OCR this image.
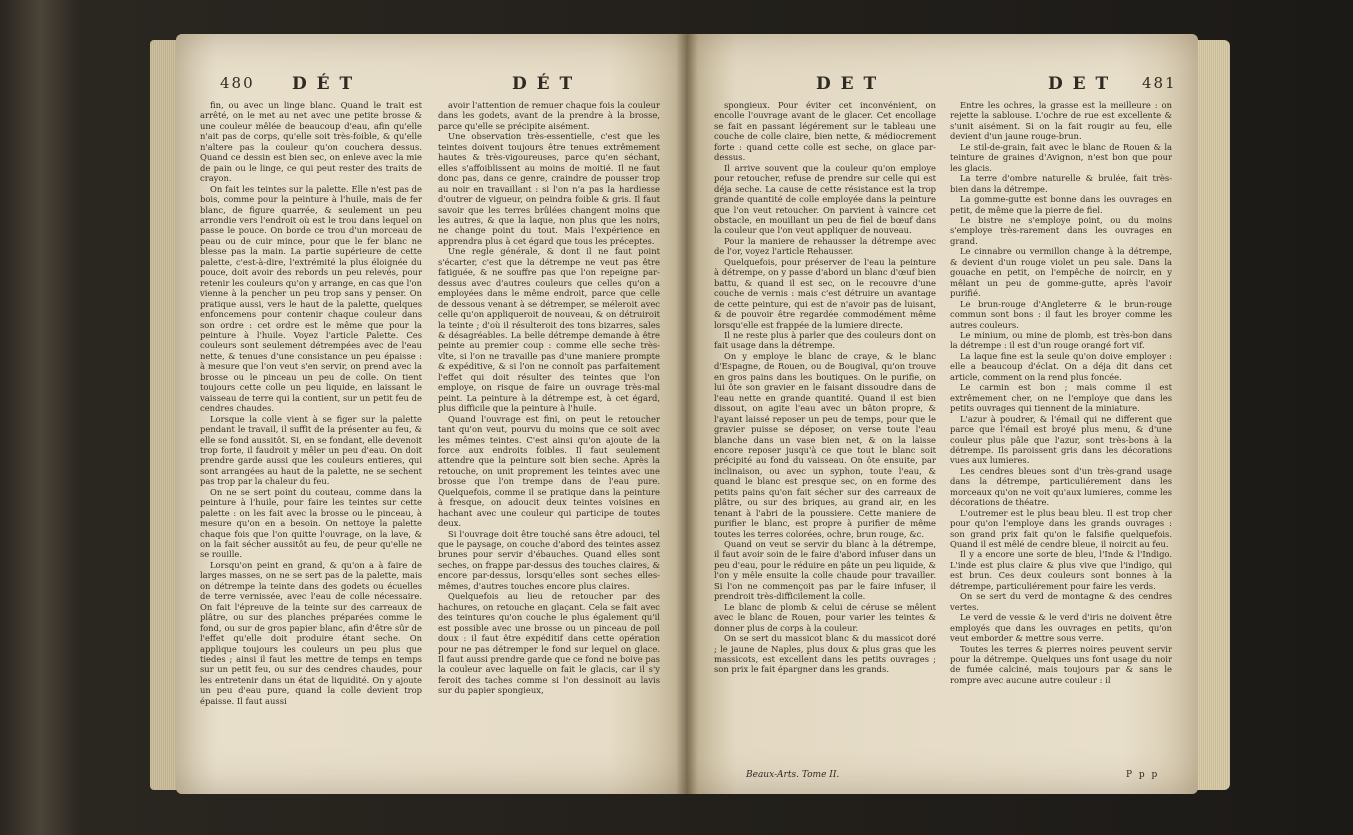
480 D É T	D É T

fin, ou avec un linge blanc. Quand le trait est arrêté, on le met au net avec une petite brosse & une couleur mêlée de beaucoup d'eau, afin qu'elle n'ait pas de corps, qu'elle soit très-foible, & qu'elle n'altere pas la couleur qu'on couchera dessus. Quand ce dessin est bien sec, on enleve avec la mie de pain ou le linge, ce qui peut rester des traits de crayon.

On fait les teintes sur la palette. Elle n'est pas de bois, comme pour la peinture à l'huile, mais de fer blanc, de figure quarrée, & seulement un peu arrondie vers l'endroit où est le trou dans lequel on passe le pouce. On borde ce trou d'un morceau de peau ou de cuir mince, pour que le fer blanc ne blesse pas la main. La partie supérieure de cette palette, c'est-à-dire, l'extrémité la plus éloignée du pouce, doit avoir des rebords un peu relevés, pour retenir les couleurs qu'on y arrange, en cas que l'on vienne à la pencher un peu trop sans y penser. On pratique aussi, vers le haut de la palette, quelques enfoncemens pour contenir chaque couleur dans son ordre : cet ordre est le même que pour la peinture à l'huile. Voyez l'article Palette. Ces couleurs sont seulement détrempées avec de l'eau nette, & tenues d'une consistance un peu épaisse : à mesure que l'on veut s'en servir, on prend avec la brosse ou le pinceau un peu de colle. On tient toujours cette colle un peu liquide, en laissant le vaisseau de terre qui la contient, sur un petit feu de cendres chaudes.

Lorsque la colle vient à se figer sur la palette pendant le travail, il suffit de la présenter au feu, & elle se fond aussitôt. Si, en se fondant, elle devenoit trop forte, il faudroit y mêler un peu d'eau. On doit prendre garde aussi que les couleurs entieres, qui sont arrangées au haut de la palette, ne se sechent pas trop par la chaleur du feu.

On ne se sert point du couteau, comme dans la peinture à l'huile, pour faire les teintes sur cette palette : on les fait avec la brosse ou le pinceau, à mesure qu'on en a besoin. On nettoye la palette chaque fois que l'on quitte l'ouvrage, on la lave, & on la fait sécher aussitôt au feu, de peur qu'elle ne se rouille.

Lorsqu'on peint en grand, & qu'on a à faire de larges masses, on ne se sert pas de la palette, mais on détrempe la teinte dans des godets ou écuelles de terre vernissée, avec l'eau de colle nécessaire. On fait l'épreuve de la teinte sur des carreaux de plâtre, ou sur des planches préparées comme le fond, ou sur de gros papier blanc, afin d'être sûr de l'effet qu'elle doit produire étant seche. On applique toujours les couleurs un peu plus que tiedes ; ainsi il faut les mettre de temps en temps sur un petit feu, ou sur des cendres chaudes, pour les entretenir dans un état de liquidité. On y ajoute un peu d'eau pure, quand la colle devient trop épaisse. Il faut aussi

avoir l'attention de remuer chaque fois la couleur dans les godets, avant de la prendre à la brosse, parce qu'elle se précipite aisément.

Une observation très-essentielle, c'est que les teintes doivent toujours être tenues extrêmement hautes & très-vigoureuses, parce qu'en séchant, elles s'affoiblissent au moins de moitié. Il ne faut donc pas, dans ce genre, craindre de pousser trop au noir en travaillant : si l'on n'a pas la hardiesse d'outrer de vigueur, on peindra foible & gris. Il faut savoir que les terres brûlées changent moins que les autres, & que la laque, non plus que les noirs, ne change point du tout. Mais l'expérience en apprendra plus à cet égard que tous les préceptes.

Une regle générale, & dont il ne faut point s'écarter, c'est que la détrempe ne veut pas être fatiguée, & ne souffre pas que l'on repeigne par-dessus avec d'autres couleurs que celles qu'on a employées dans le même endroit, parce que celle de dessous venant à se détremper, se méleroit avec celle qu'on appliqueroit de nouveau, & on détruiroit la teinte ; d'où il résulteroit des tons bizarres, sales & désagréables. La belle détrempe demande à être peinte au premier coup : comme elle seche très-vîte, si l'on ne travaille pas d'une maniere prompte & expéditive, & si l'on ne connoît pas parfaitement l'effet qui doit résulter des teintes que l'on employe, on risque de faire un ouvrage très-mal peint. La peinture à la détrempe est, à cet égard, plus difficile que la peinture à l'huile.

Quand l'ouvrage est fini, on peut le retoucher tant qu'on veut, pourvu du moins que ce soit avec les mêmes teintes. C'est ainsi qu'on ajoute de la force aux endroits foibles. Il faut seulement attendre que la peinture soit bien seche. Après la retouche, on unit proprement les teintes avec une brosse que l'on trempe dans de l'eau pure. Quelquefois, comme il se pratique dans la peinture à fresque, on adoucit deux teintes voisines en hachant avec une couleur qui participe de toutes deux.

Si l'ouvrage doit être touché sans être adouci, tel que le paysage, on couche d'abord des teintes assez brunes pour servir d'ébauches. Quand elles sont seches, on frappe par-dessus des touches claires, & encore par-dessus, lorsqu'elles sont seches elles-mêmes, d'autres touches encore plus claires.

Quelquefois au lieu de retoucher par des hachures, on retouche en glaçant. Cela se fait avec des teintures qu'on couche le plus également qu'il est possible avec une brosse ou un pinceau de poil doux : il faut être expéditif dans cette opération pour ne pas détremper le fond sur lequel on glace. Il faut aussi prendre garde que ce fond ne boive pas la couleur avec laquelle on fait le glacis, car il s'y feroit des taches comme si l'on dessinoit au lavis sur du papier spongieux,

D E T	D E T 481

spongieux. Pour éviter cet inconvénient, on encolle l'ouvrage avant de le glacer. Cet encollage se fait en passant légérement sur le tableau une couche de colle claire, bien nette, & médiocrement forte : quand cette colle est seche, on glace par-dessus.

Il arrive souvent que la couleur qu'on employe pour retoucher, refuse de prendre sur celle qui est déja seche. La cause de cette résistance est la trop grande quantité de colle employée dans la peinture que l'on veut retoucher. On parvient à vaincre cet obstacle, en mouillant un peu de fiel de bœuf dans la couleur que l'on veut appliquer de nouveau.

Pour la maniere de rehausser la détrempe avec de l'or, voyez l'article Rehausser.

Quelquefois, pour préserver de l'eau la peinture à détrempe, on y passe d'abord un blanc d'œuf bien battu, & quand il est sec, on le recouvre d'une couche de vernis : mais c'est détruire un avantage de cette peinture, qui est de n'avoir pas de luisant, & de pouvoir être regardée commodément même lorsqu'elle est frappée de la lumiere directe.

Il ne reste plus à parler que des couleurs dont on fait usage dans la détrempe.

On y employe le blanc de craye, & le blanc d'Espagne, de Rouen, ou de Bougival, qu'on trouve en gros pains dans les boutiques. On le purifie, on lui ôte son gravier en le faisant dissoudre dans de l'eau nette en grande quantité. Quand il est bien dissout, on agite l'eau avec un bâton propre, & l'ayant laissé reposer un peu de temps, pour que le gravier puisse se déposer, on verse toute l'eau blanche dans un vase bien net, & on la laisse encore reposer jusqu'à ce que tout le blanc soit précipité au fond du vaisseau. On ôte ensuite, par inclinaison, ou avec un syphon, toute l'eau, & quand le blanc est presque sec, on en forme des petits pains qu'on fait sécher sur des carreaux de plâtre, ou sur des briques, au grand air, en les tenant à l'abri de la poussiere. Cette maniere de purifier le blanc, est propre à purifier de même toutes les terres colorées, ochre, brun rouge, &c.

Quand on veut se servir du blanc à la détrempe, il faut avoir soin de le faire d'abord infuser dans un peu d'eau, pour le réduire en pâte un peu liquide, & l'on y mêle ensuite la colle chaude pour travailler. Si l'on ne commençoit pas par le faire infuser, il prendroit très-difficilement la colle.

Le blanc de plomb & celui de céruse se mêlent avec le blanc de Rouen, pour varier les teintes & donner plus de corps à la couleur.

On se sert du massicot blanc & du massicot doré ; le jaune de Naples, plus doux & plus gras que les massicots, est excellent dans les petits ouvrages ; son prix le fait épargner dans les grands.

Beaux-Arts. Tome II.

Entre les ochres, la grasse est la meilleure : on rejette la sablouse. L'ochre de rue est excellente & s'unit aisément. Si on la fait rougir au feu, elle devient d'un jaune rouge-brun.

Le stil-de-grain, fait avec le blanc de Rouen & la teinture de graines d'Avignon, n'est bon que pour les glacis.

La terre d'ombre naturelle & brulée, fait très-bien dans la détrempe.

La gomme-gutte est bonne dans les ouvrages en petit, de même que la pierre de fiel.

Le bistre ne s'employe point, ou du moins s'employe très-rarement dans les ouvrages en grand.

Le cinnabre ou vermillon change à la détrempe, & devient d'un rouge violet un peu sale. Dans la gouache en petit, on l'empêche de noircir, en y mêlant un peu de gomme-gutte, après l'avoir purifié.

Le brun-rouge d'Angleterre & le brun-rouge commun sont bons : il faut les broyer comme les autres couleurs.

Le minium, ou mine de plomb, est très-bon dans la détrempe : il est d'un rouge orangé fort vif.

La laque fine est la seule qu'on doive employer : elle a beaucoup d'éclat. On a déja dit dans cet article, comment on la rend plus foncée.

Le carmin est bon ; mais comme il est extrêmement cher, on ne l'employe que dans les petits ouvrages qui tiennent de la miniature.

L'azur à poudrer, & l'émail qui ne different que parce que l'émail est broyé plus menu, & d'une couleur plus pâle que l'azur, sont très-bons à la détrempe. Ils paroissent gris dans les décorations vues aux lumieres.

Les cendres bleues sont d'un très-grand usage dans la détrempe, particuliérement dans les morceaux qu'on ne voit qu'aux lumieres, comme les décorations de théatre.

L'outremer est le plus beau bleu. Il est trop cher pour qu'on l'employe dans les grands ouvrages : son grand prix fait qu'on le falsifie quelquefois. Quand il est mêlé de cendre bleue, il noircit au feu.

Il y a encore une sorte de bleu, l'Inde & l'Indigo. L'inde est plus claire & plus vive que l'indigo, qui est brun. Ces deux couleurs sont bonnes à la détrempe, particuliérement pour faire les verds.

On se sert du verd de montagne & des cendres vertes.

Le verd de vessie & le verd d'iris ne doivent être employés que dans les ouvrages en petits, qu'on veut emborder & mettre sous verre.

Toutes les terres & pierres noires peuvent servir pour la détrempe. Quelques uns font usage du noir de fumée calciné, mais toujours par & sans le rompre avec aucune autre couleur : il

P p p
